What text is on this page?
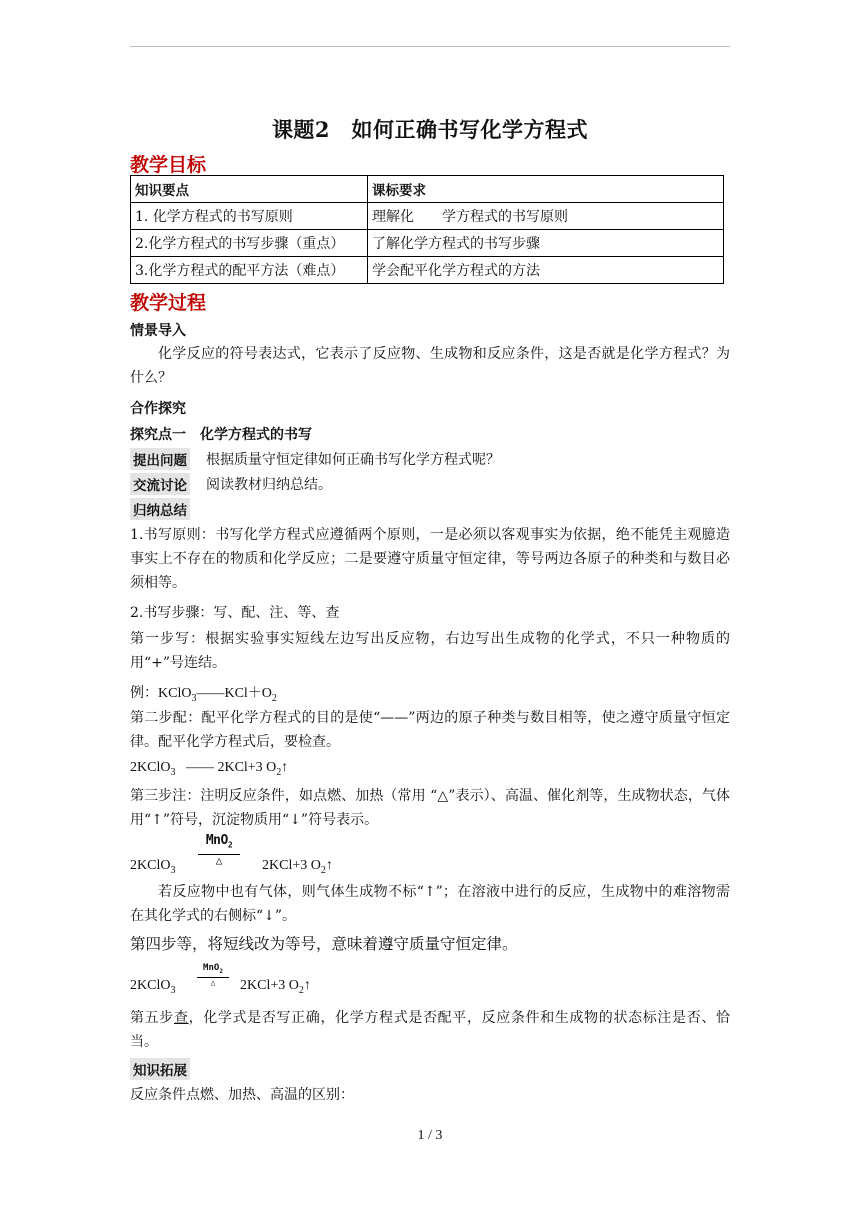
课题2　如何正确书写化学方程式
教学目标
知识要点	课标要求
1. 化学方程式的书写原则	理解化　　学方程式的书写原则
2.化学方程式的书写步骤（重点）	了解化学方程式的书写步骤
3.化学方程式的配平方法（难点）	学会配平化学方程式的方法
教学过程
情景导入
化学反应的符号表达式，它表示了反应物、生成物和反应条件，这是否就是化学方程式？为什么？
合作探究
探究点一　化学方程式的书写
提出问题 根据质量守恒定律如何正确书写化学方程式呢？
交流讨论 阅读教材归纳总结。
归纳总结
1.书写原则：书写化学方程式应遵循两个原则，一是必须以客观事实为依据，绝不能凭主观臆造事实上不存在的物质和化学反应；二是要遵守质量守恒定律，等号两边各原子的种类和与数目必须相等。
2.书写步骤：写、配、注、等、查
第一步写：根据实验事实短线左边写出反应物，右边写出生成物的化学式，不只一种物质的用“+”号连结。
例：$KClO_3——KCl+O_2$
第二步配：配平化学方程式的目的是使“——”两边的原子种类与数目相等，使之遵守质量守恒定律。配平化学方程式后，要检查。
2KClO$_3$ —— 2KCl+3 $O_2↑$
第三步注：注明反应条件，如点燃、加热（常用 “△”表示）、高温、催化剂等，生成物状态，气体用“↑”符号，沉淀物质用“↓”符号表示。
2KClO$_3$
MnO$_2$
△	2KCl+3 $O_2↑$
若反应物中也有气体，则气体生成物不标“↑”；在溶液中进行的反应，生成物中的难溶物需在其化学式的右侧标“↓”。
第四步等，将短线改为等号，意味着遵守质量守恒定律。
2KClO$_3$
MnO$_2$
△	2KCl+3 $O_2↑$
第五步查，化学式是否写正确，化学方程式是否配平，反应条件和生成物的状态标注是否、恰当。
知识拓展
反应条件点燃、加热、高温的区别：
1 / 3
